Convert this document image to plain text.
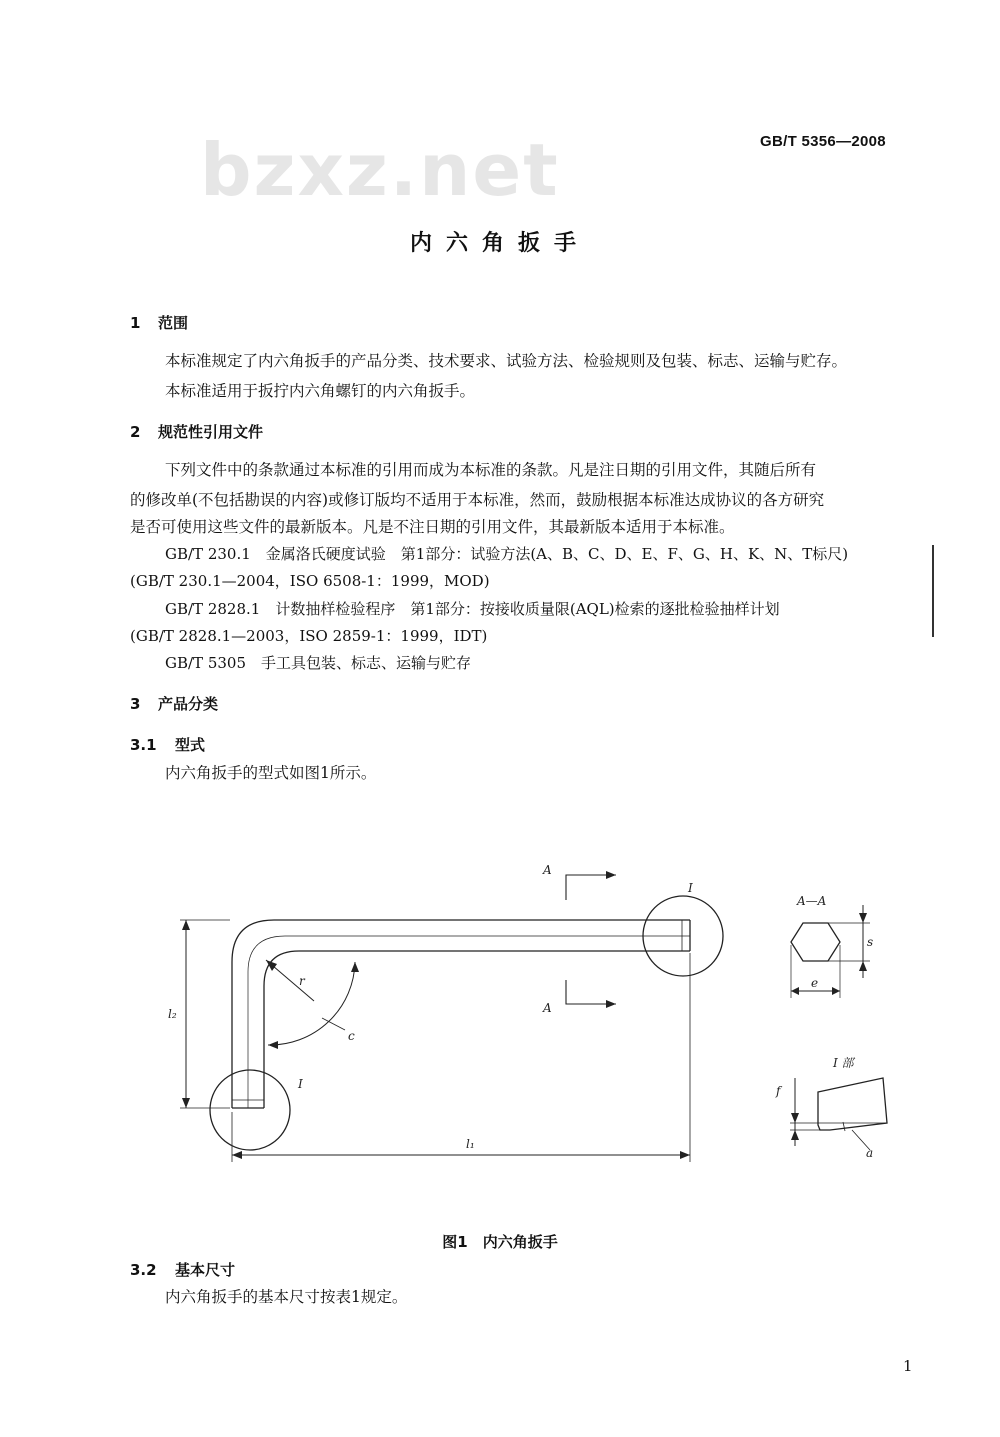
GB/T 5356—2008
bzxz.net
内六角扳手
1 范围
本标准规定了内六角扳手的产品分类、技术要求、试验方法、检验规则及包装、标志、运输与贮存。
本标准适用于扳拧内六角螺钉的内六角扳手。
2 规范性引用文件
下列文件中的条款通过本标准的引用而成为本标准的条款。凡是注日期的引用文件，其随后所有
的修改单(不包括勘误的内容)或修订版均不适用于本标准，然而，鼓励根据本标准达成协议的各方研究
是否可使用这些文件的最新版本。凡是不注日期的引用文件，其最新版本适用于本标准。
GB/T 230.1　金属洛氏硬度试验　第1部分：试验方法(A、B、C、D、E、F、G、H、K、N、T标尺)
(GB/T 230.1—2004，ISO 6508-1：1999，MOD)
GB/T 2828.1　计数抽样检验程序　第1部分：按接收质量限(AQL)检索的逐批检验抽样计划
(GB/T 2828.1—2003，ISO 2859-1：1999，IDT)
GB/T 5305　手工具包装、标志、运输与贮存
3 产品分类
3.1 型式
内六角扳手的型式如图1所示。
A
A
I
I
r
c
l₂
l₁
A—A
s
e
I 部
f
a
图1　内六角扳手
3.2 基本尺寸
内六角扳手的基本尺寸按表1规定。
1
